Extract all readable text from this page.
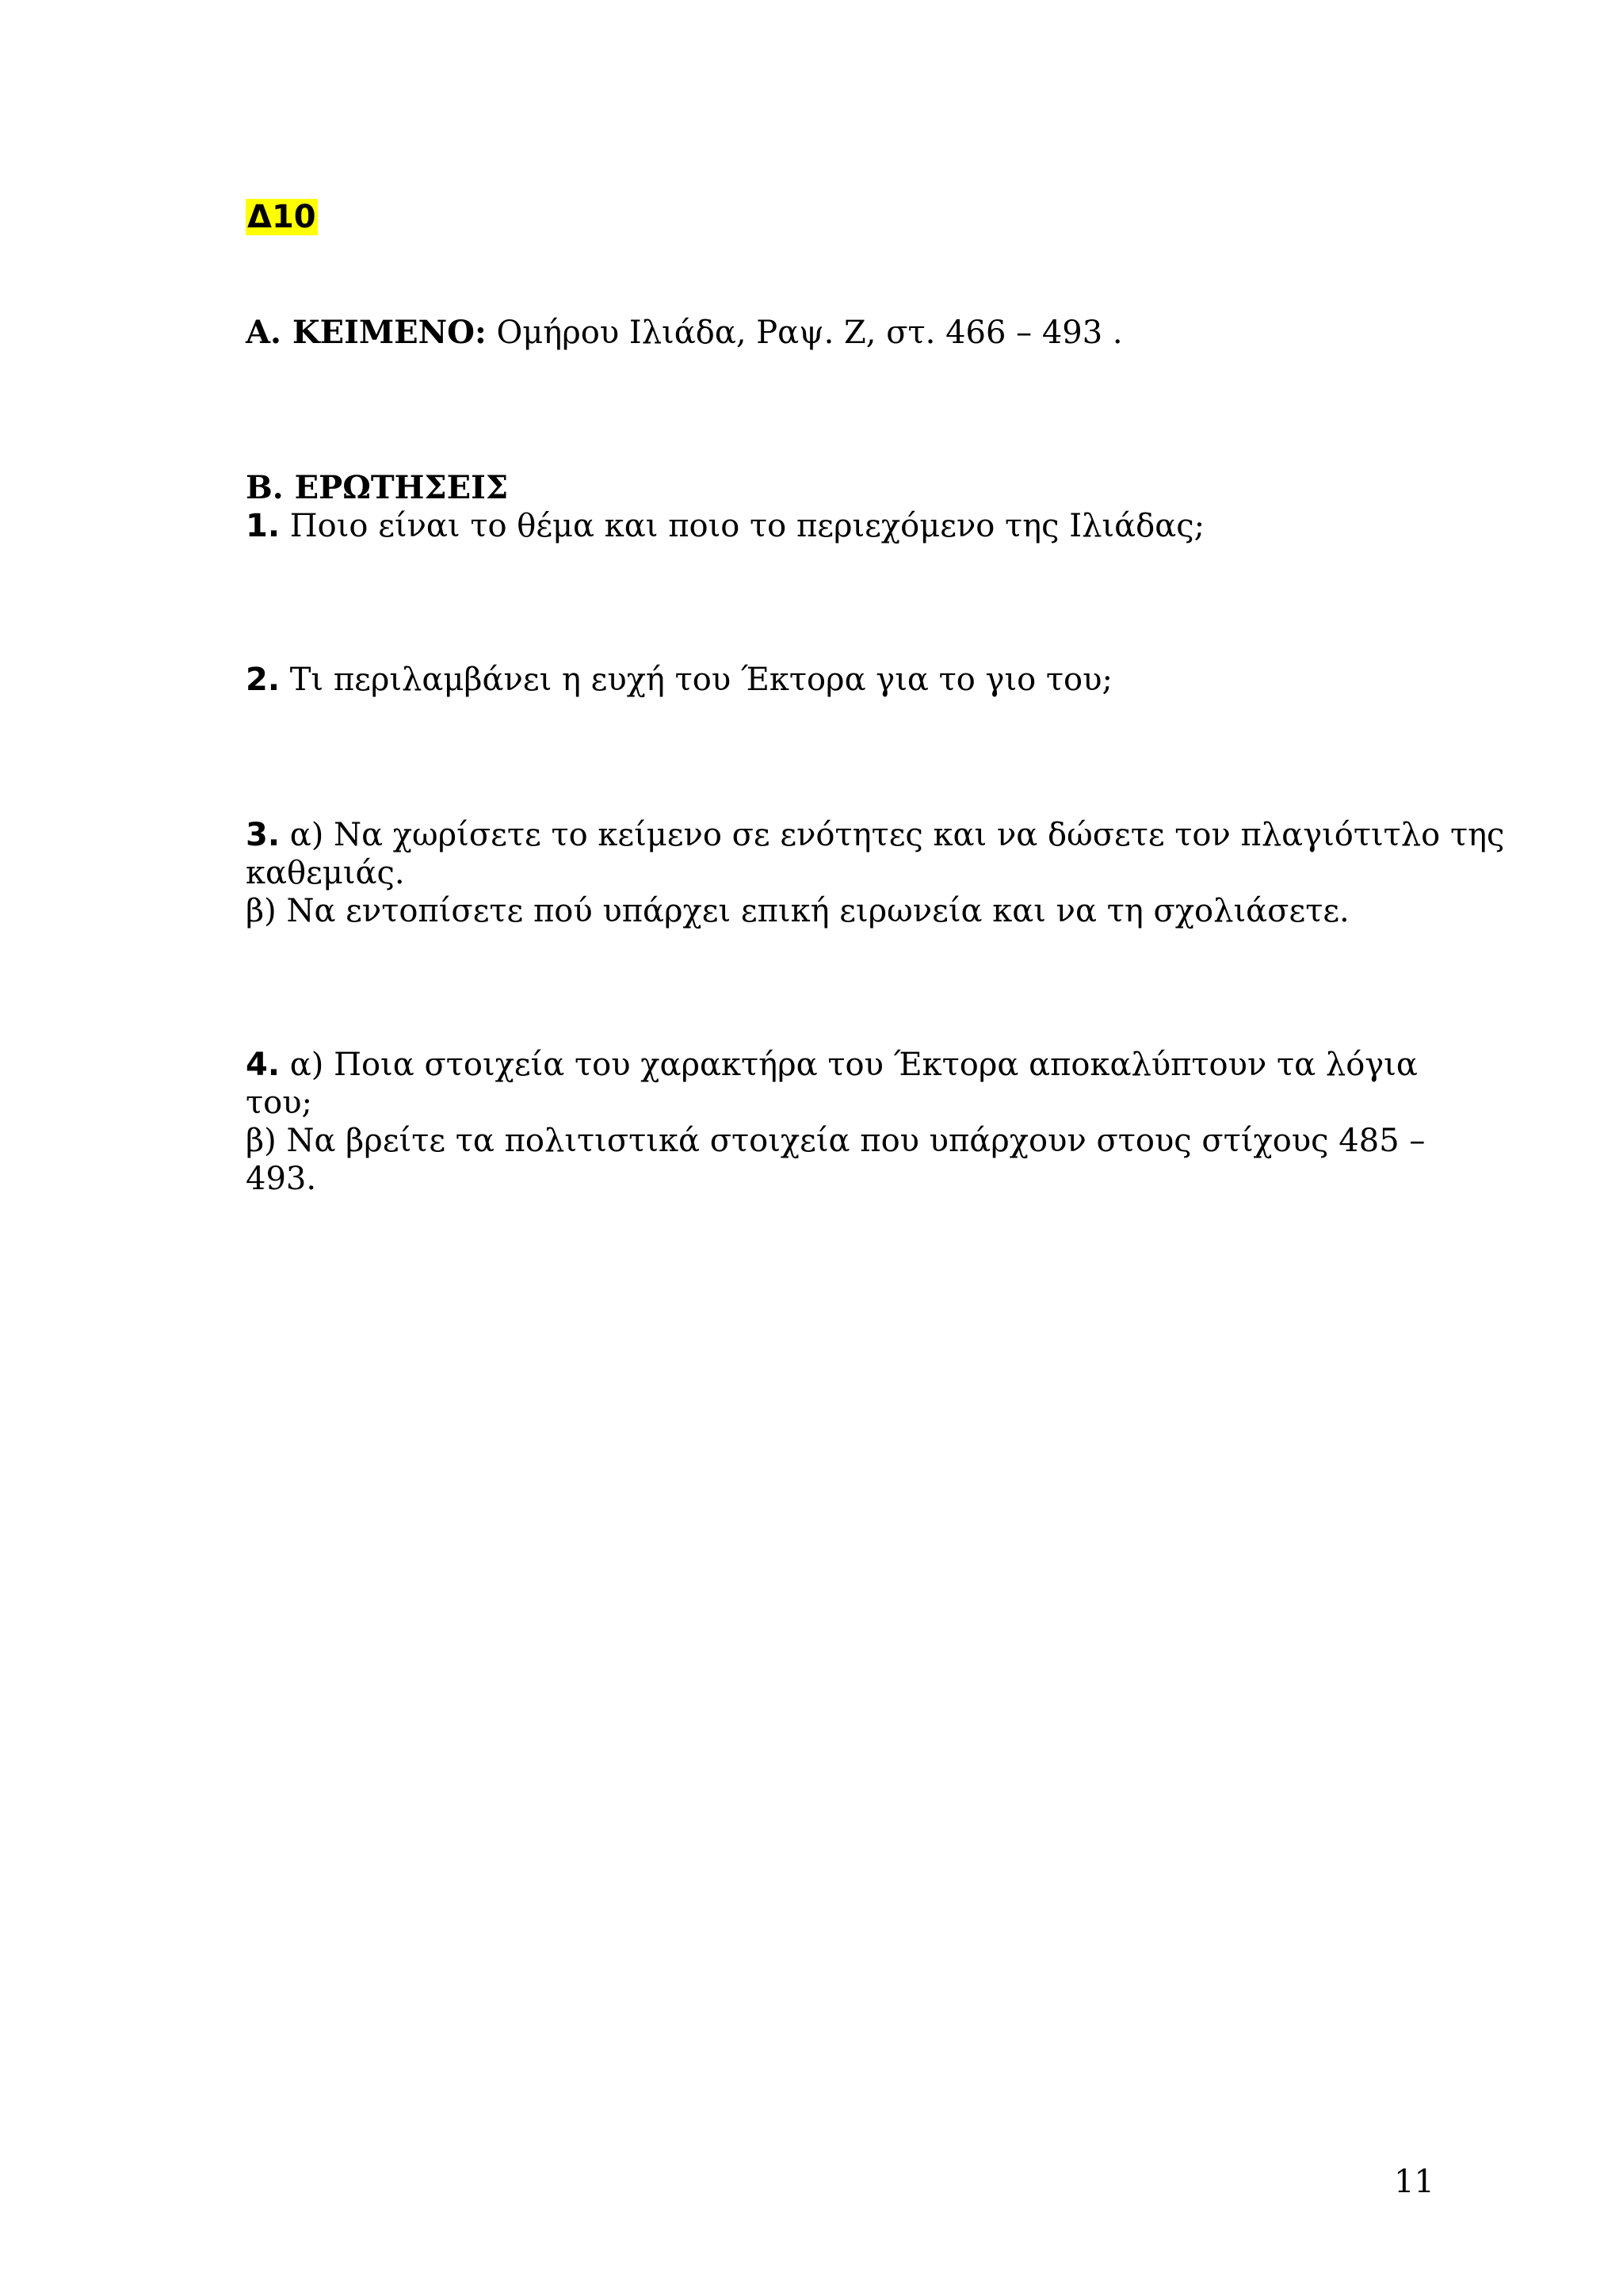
Δ10
Α. ΚΕΙΜΕΝΟ: Ομήρου Ιλιάδα, Ραψ. Ζ, στ. 466 – 493 .
Β. ΕΡΩΤΗΣΕΙΣ
1. Ποιο είναι το θέμα και ποιο το περιεχόμενο της Ιλιάδας;
2. Τι περιλαμβάνει η ευχή του Έκτορα για το γιο του;
3. α) Να χωρίσετε το κείμενο σε ενότητες και να δώσετε τον πλαγιότιτλο της
καθεμιάς.
β) Να εντοπίσετε πού υπάρχει επική ειρωνεία και να τη σχολιάσετε.
4. α) Ποια στοιχεία του χαρακτήρα του Έκτορα αποκαλύπτουν τα λόγια
του;
β) Να βρείτε τα πολιτιστικά στοιχεία που υπάρχουν στους στίχους 485 –
493.
11
